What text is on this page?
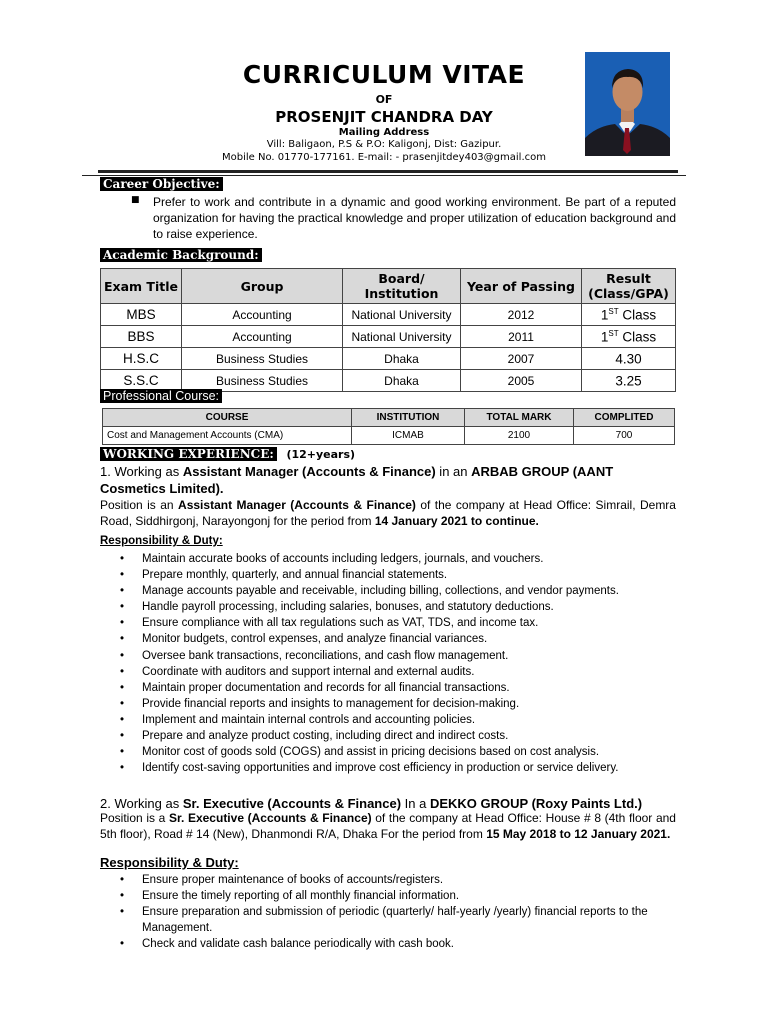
CURRICULUM VITAE
OF
PROSENJIT CHANDRA DAY
Mailing Address
Vill: Baligaon, P.S & P.O: Kaligonj, Dist: Gazipur.
Mobile No. 01770-177161. E-mail: - prasenjitdey403@gmail.com
Career Objective:
■ Prefer to work and contribute in a dynamic and good working environment. Be part of a reputed organization for having the practical knowledge and proper utilization of education background and to raise experience.
Academic Background:
Exam Title	Group	Board/ Institution	Year of Passing	Result (Class/GPA)
MBS	Accounting	National University	2012	1ST Class
BBS	Accounting	National University	2011	1ST Class
H.S.C	Business Studies	Dhaka	2007	4.30
S.S.C	Business Studies	Dhaka	2005	3.25
Professional Course:
COURSE	INSTITUTION	TOTAL MARK	COMPLITED
Cost and Management Accounts (CMA)	ICMAB	2100	700
WORKING EXPERIENCE: (12+years)
1. Working as Assistant Manager (Accounts & Finance) in an ARBAB GROUP (AANT Cosmetics Limited).
Position is an Assistant Manager (Accounts & Finance) of the company at Head Office: Simrail, Demra Road, Siddhirgonj, Narayongonj for the period from 14 January 2021 to continue.
Responsibility & Duty:
• Maintain accurate books of accounts including ledgers, journals, and vouchers.
• Prepare monthly, quarterly, and annual financial statements.
• Manage accounts payable and receivable, including billing, collections, and vendor payments.
• Handle payroll processing, including salaries, bonuses, and statutory deductions.
• Ensure compliance with all tax regulations such as VAT, TDS, and income tax.
• Monitor budgets, control expenses, and analyze financial variances.
• Oversee bank transactions, reconciliations, and cash flow management.
• Coordinate with auditors and support internal and external audits.
• Maintain proper documentation and records for all financial transactions.
• Provide financial reports and insights to management for decision-making.
• Implement and maintain internal controls and accounting policies.
• Prepare and analyze product costing, including direct and indirect costs.
• Monitor cost of goods sold (COGS) and assist in pricing decisions based on cost analysis.
• Identify cost-saving opportunities and improve cost efficiency in production or service delivery.
2. Working as Sr. Executive (Accounts & Finance) In a DEKKO GROUP (Roxy Paints Ltd.)
Position is a Sr. Executive (Accounts & Finance) of the company at Head Office: House # 8 (4th floor and 5th floor), Road # 14 (New), Dhanmondi R/A, Dhaka For the period from 15 May 2018 to 12 January 2021.
Responsibility & Duty:
• Ensure proper maintenance of books of accounts/registers.
• Ensure the timely reporting of all monthly financial information.
• Ensure preparation and submission of periodic (quarterly/ half-yearly /yearly) financial reports to the Management.
• Check and validate cash balance periodically with cash book.
